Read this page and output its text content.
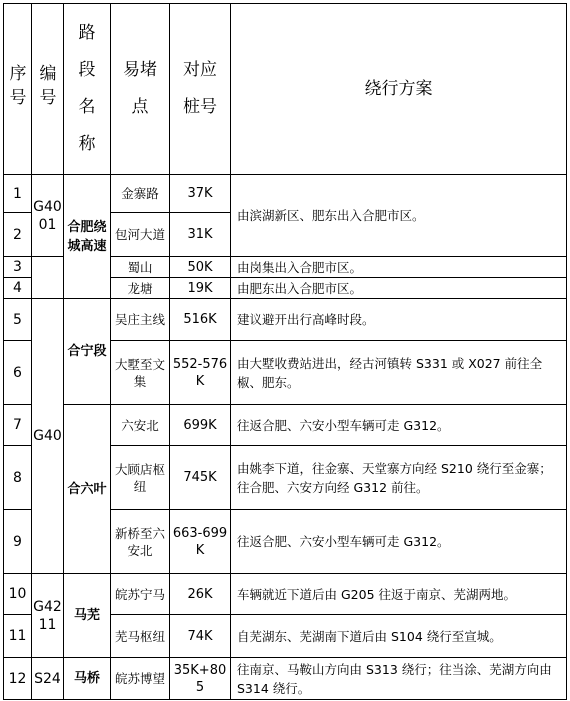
序号	编号	路段名称	易堵点	对应桩号	绕行方案
1	G4001	合肥绕城高速	金寨路	37K	由滨湖新区、肥东出入合肥市区。
2			包河大道	31K	
3			蜀山	50K	由岗集出入合肥市区。
4			龙塘	19K	由肥东出入合肥市区。
5	G40	合宁段	吴庄主线	516K	建议避开出行高峰时段。
6			大墅至文集	552-576K	由大墅收费站进出，经古河镇转 S331 或 X027 前往全椒、肥东。
7		合六叶	六安北	699K	往返合肥、六安小型车辆可走 G312。
8			大顾店枢纽	745K	由姚李下道，往金寨、天堂寨方向经 S210 绕行至金寨；往合肥、六安方向经 G312 前往。
9			新桥至六安北	663-699K	往返合肥、六安小型车辆可走 G312。
10	G4211	马芜	皖苏宁马	26K	车辆就近下道后由 G205 往返于南京、芜湖两地。
11			芜马枢纽	74K	自芜湖东、芜湖南下道后由 S104 绕行至宣城。
12	S24	马桥	皖苏博望	35K+805	往南京、马鞍山方向由 S313 绕行；往当涂、芜湖方向由 S314 绕行。
